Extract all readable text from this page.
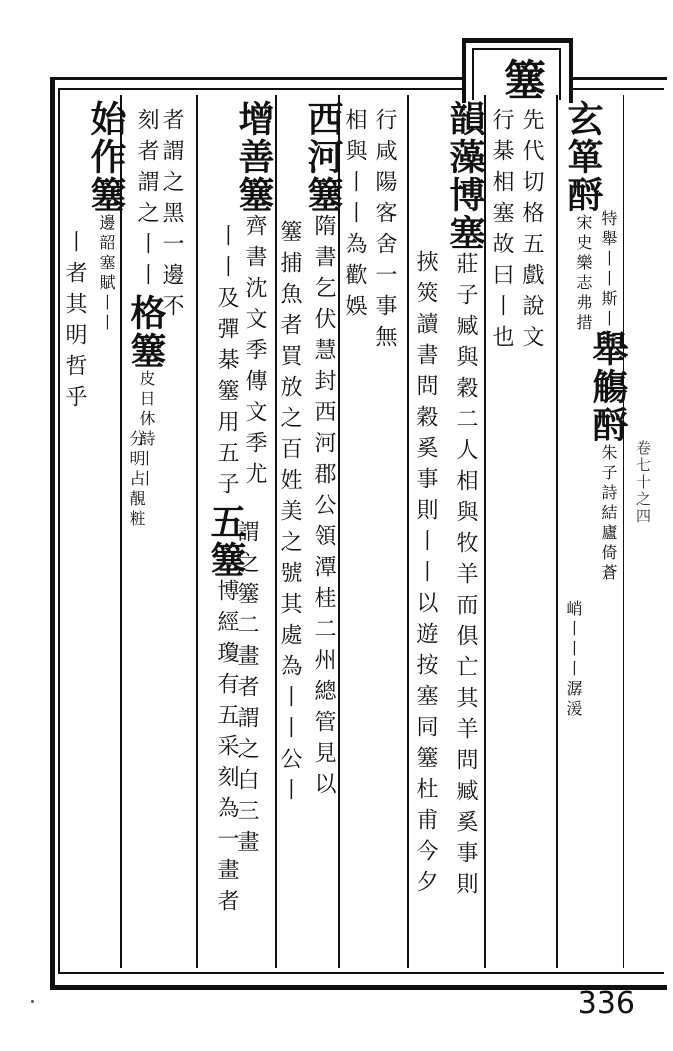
簺
玄箪酹宋史樂志弗措 特舉丨丨斯丨舉觴酹朱子詩結廬倚蒼
峭丨丨丨潺湲
先代切格五戲說文
行棊相塞故曰丨也
韻藻博塞莊子臧與穀二人相與牧羊而俱亡其羊問臧奚事則
挾筴讀書問穀奚事則丨丨以遊按塞同簺杜甫今夕
行咸陽客舍一事無
相與丨丨為歡娛
西河簺隋書乞伏慧封西河郡公領潭桂二州總管見以
簺捕魚者買放之百姓美之號其處為丨丨公丨
增善簺齊書沈文季傳文季尤
丨丨及彈棊簺用五子五簺博經瓊有五采刻為一畫者
謂之簺二畫者謂之白三畫
者謂之黑一邊不
刻者謂之丨丨格簺皮日休詩丨丨
分明占靚粧
始作簺邊韶塞賦丨丨
丨者其明哲乎
卷七十之四
336
